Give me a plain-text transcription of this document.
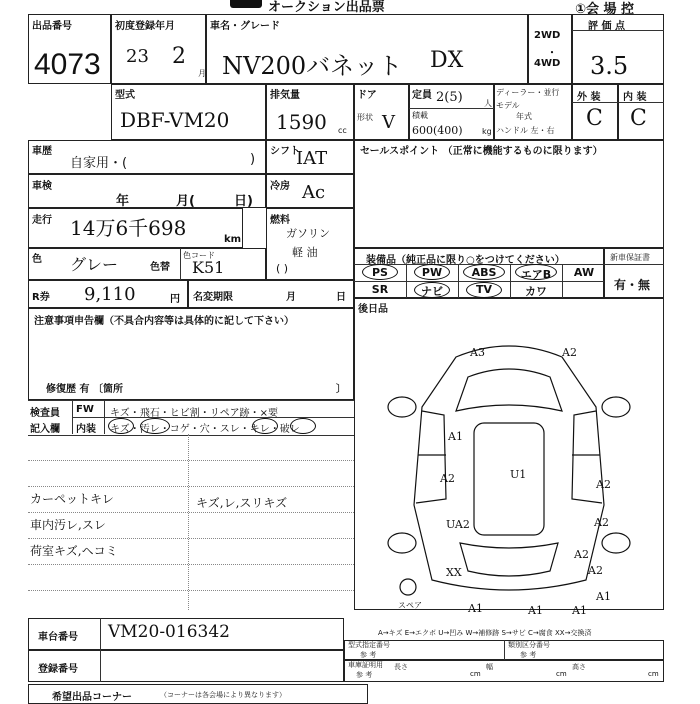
オークション出品票	①会 場 控
出品番号
4073
初度登録年月
23 2
月
車名・グレード
NV200バネット DX
2WD
・
4WD
評 価 点
3.5
型式
DBF-VM20
排気量
1590 cc
ドア
形状 V
定員 2(5)	人
積載
600(400) kg
ディーラー・並行
モデル
年式
ハンドル 左・右
外 装 内 装
C C
車歴
自家用・(	)
シフト
IAT
車検
年	月(	日)
冷房 Ac
走行 14万6千698	km
燃料
ガソリン
軽 油
( )
色 グレー	色替
色コード
K51
R券 9,110	円 名変期限	月	日
注意事項申告欄（不具合内容等は具体的に記して下さい）
修復歴 有 〔箇所	〕
セールスポイント （正常に機能するものに限ります）
装備品（純正品に限り○をつけてください）
PS	PW	ABS	エアB	AW
SR	ナビ	TV	カワ
新車保証書
有・無
後日品
検査員
記入欄
FW キズ・飛石・ヒビ割・リペア跡・×要
内装 キズ・汚レ・コゲ・穴・スレ・キレ・破レ
カーペットキレ
車内汚レ,スレ
荷室キズ,ヘコミ
キズ,レ,スリキズ
A3	A2
A1
U1
A2	A2
UA2	A2
A2
A2
XX
A1	A1	A1
A1
スペア
A→キズ E→エクボ U→凹み W→補修跡 S→サビ C→腐食 XX→交換済
車台番号 VM20-016342
登録番号
型式指定番号
参 考
類別区分番号
参 考
車庫証明用
参 考
長さ
cm
幅
cm
高さ
cm
希望出品コーナー	（コーナーは各会場により異なります）
